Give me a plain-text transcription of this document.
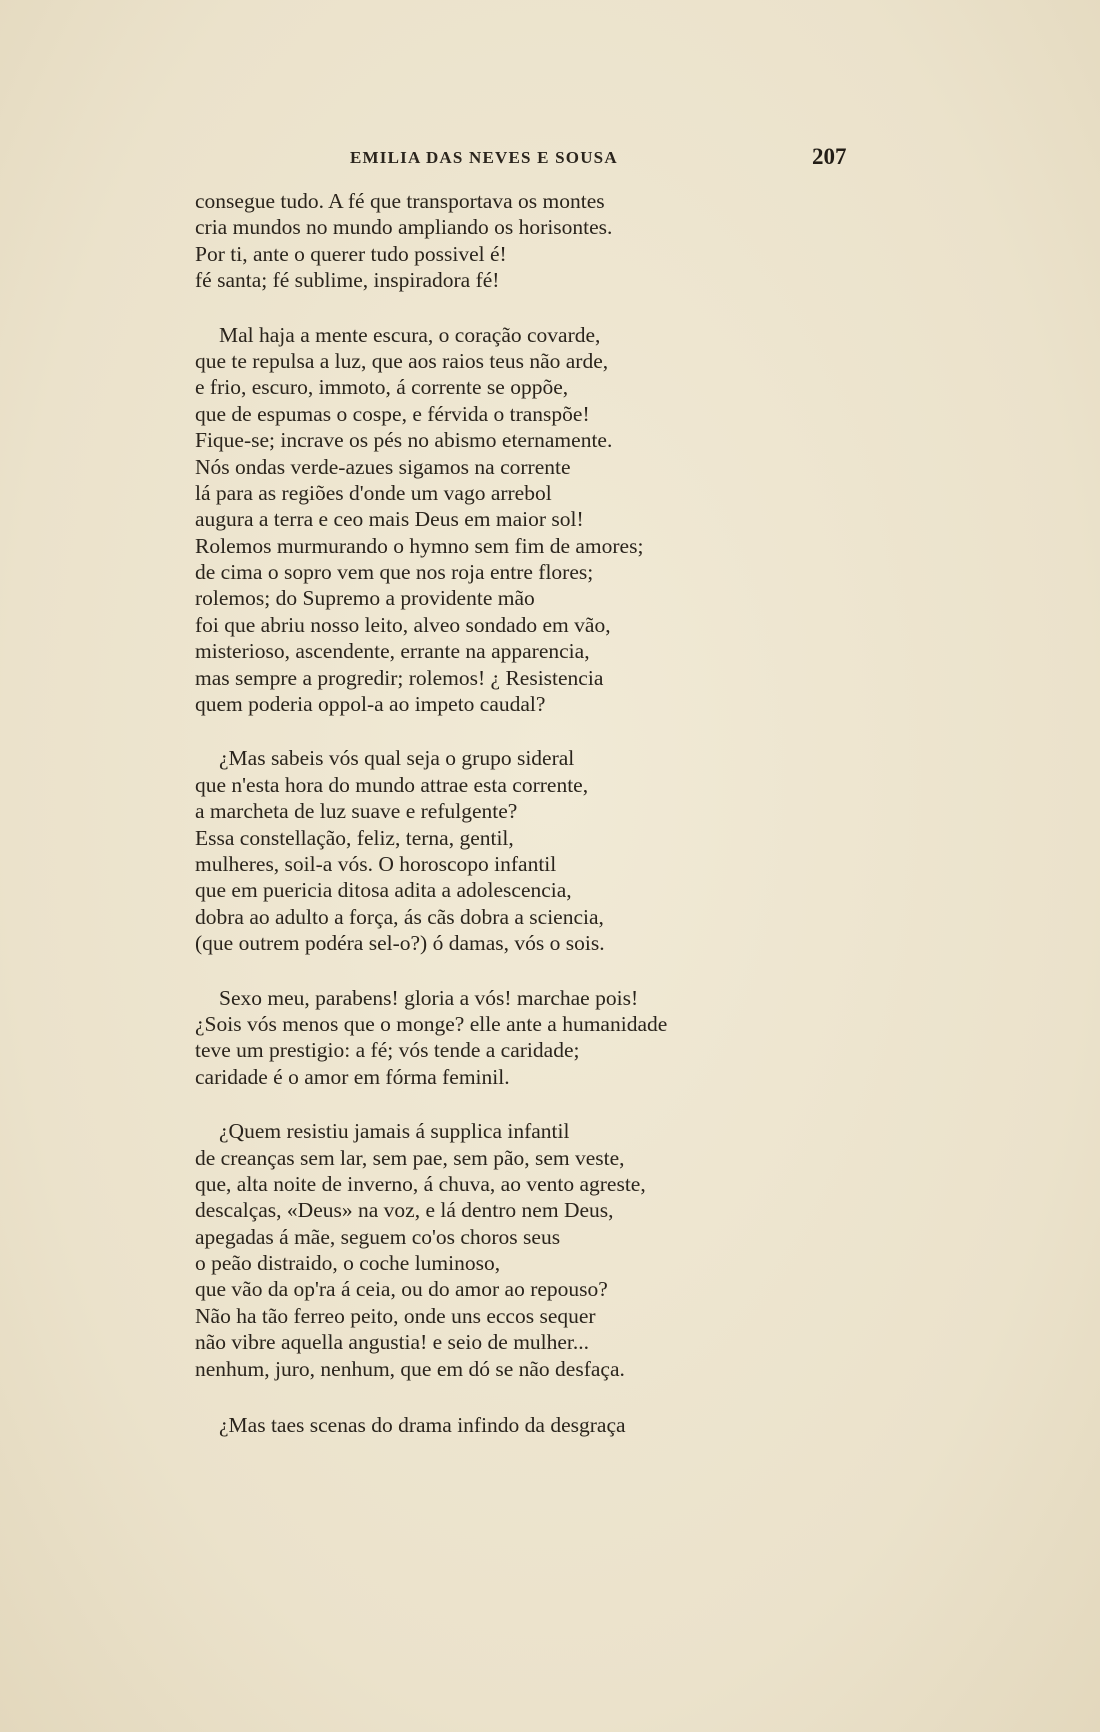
EMILIA DAS NEVES E SOUSA	207
consegue tudo. A fé que transportava os montes
cria mundos no mundo ampliando os horisontes.
Por ti, ante o querer tudo possivel é!
fé santa; fé sublime, inspiradora fé!
Mal haja a mente escura, o coração covarde,
que te repulsa a luz, que aos raios teus não arde,
e frio, escuro, immoto, á corrente se oppõe,
que de espumas o cospe, e férvida o transpõe!
Fique-se; incrave os pés no abismo eternamente.
Nós ondas verde-azues sigamos na corrente
lá para as regiões d'onde um vago arrebol
augura a terra e ceo mais Deus em maior sol!
Rolemos murmurando o hymno sem fim de amores;
de cima o sopro vem que nos roja entre flores;
rolemos; do Supremo a providente mão
foi que abriu nosso leito, alveo sondado em vão,
misterioso, ascendente, errante na apparencia,
mas sempre a progredir; rolemos! ¿ Resistencia
quem poderia oppol-a ao impeto caudal?
¿Mas sabeis vós qual seja o grupo sideral
que n'esta hora do mundo attrae esta corrente,
a marcheta de luz suave e refulgente?
Essa constellação, feliz, terna, gentil,
mulheres, soil-a vós. O horoscopo infantil
que em puericia ditosa adita a adolescencia,
dobra ao adulto a força, ás cãs dobra a sciencia,
(que outrem podéra sel-o?) ó damas, vós o sois.
Sexo meu, parabens! gloria a vós! marchae pois!
¿Sois vós menos que o monge? elle ante a humanidade
teve um prestigio: a fé; vós tende a caridade;
caridade é o amor em fórma feminil.
¿Quem resistiu jamais á supplica infantil
de creanças sem lar, sem pae, sem pão, sem veste,
que, alta noite de inverno, á chuva, ao vento agreste,
descalças, «Deus» na voz, e lá dentro nem Deus,
apegadas á mãe, seguem co'os choros seus
o peão distraido, o coche luminoso,
que vão da op'ra á ceia, ou do amor ao repouso?
Não ha tão ferreo peito, onde uns eccos sequer
não vibre aquella angustia! e seio de mulher...
nenhum, juro, nenhum, que em dó se não desfaça.
¿Mas taes scenas do drama infindo da desgraça
